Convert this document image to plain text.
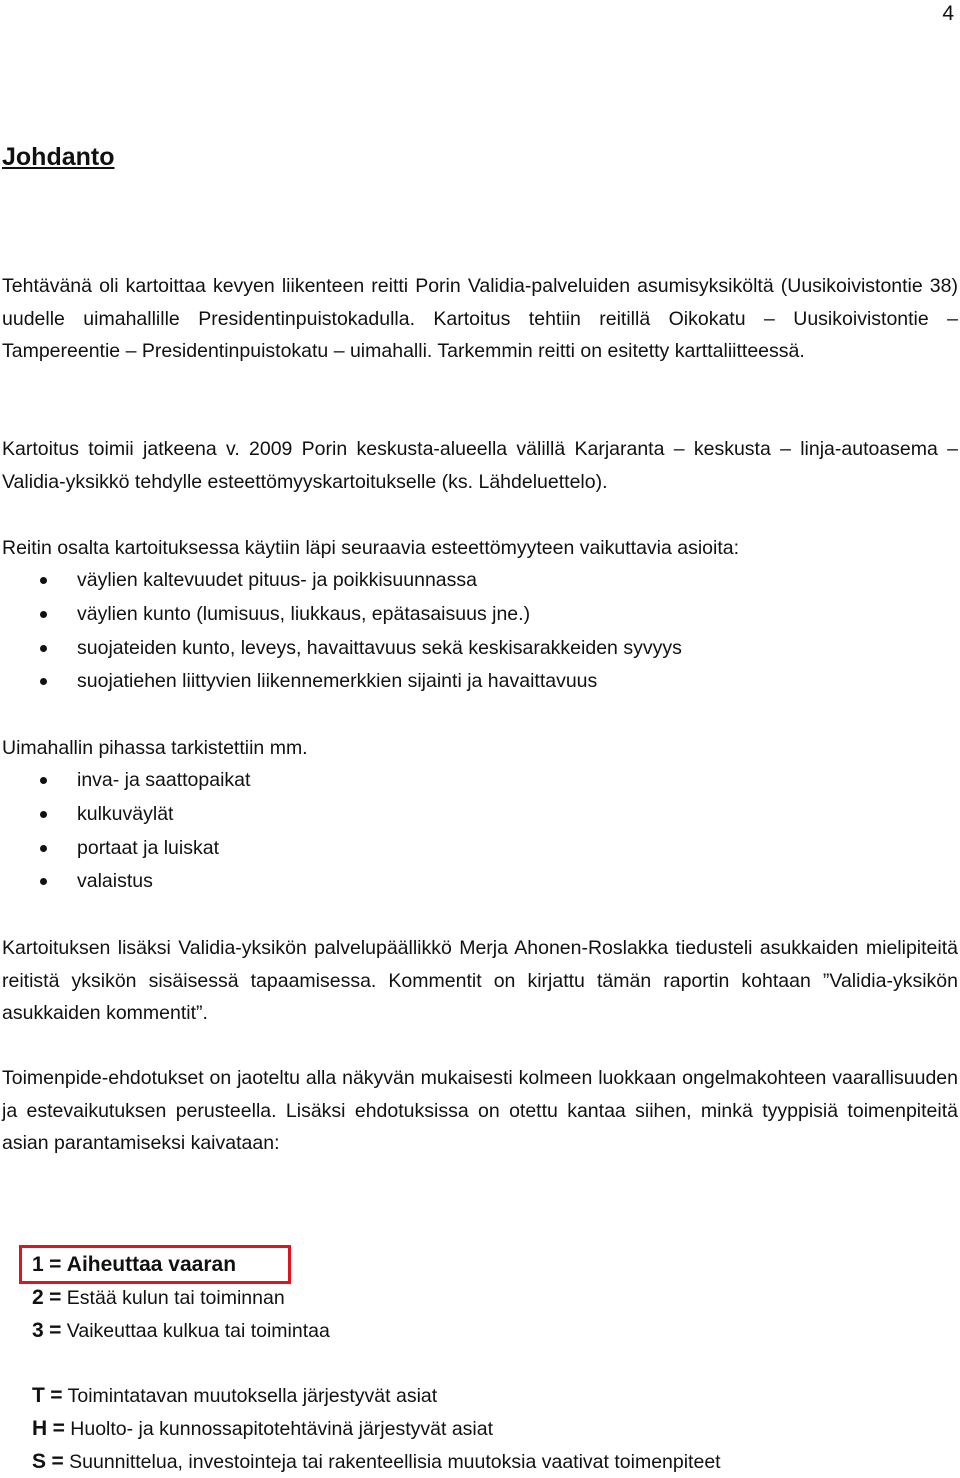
4
Johdanto

Tehtävänä oli kartoittaa kevyen liikenteen reitti Porin Validia-palveluiden asumisyksiköltä (Uusikoivistontie 38) uudelle uimahallille Presidentinpuistokadulla. Kartoitus tehtiin reitillä Oikokatu – Uusikoivistontie – Tampereentie – Presidentinpuistokatu – uimahalli. Tarkemmin reitti on esitetty karttaliitteessä.

Kartoitus toimii jatkeena v. 2009 Porin keskusta-alueella välillä Karjaranta – keskusta – linja-autoasema – Validia-yksikkö tehdylle esteettömyyskartoitukselle (ks. Lähdeluettelo).

Reitin osalta kartoituksessa käytiin läpi seuraavia esteettömyyteen vaikuttavia asioita:

väylien kaltevuudet pituus- ja poikkisuunnassa
väylien kunto (lumisuus, liukkaus, epätasaisuus jne.)
suojateiden kunto, leveys, havaittavuus sekä keskisarakkeiden syvyys
suojatiehen liittyvien liikennemerkkien sijainti ja havaittavuus

Uimahallin pihassa tarkistettiin mm.

inva- ja saattopaikat
kulkuväylät
portaat ja luiskat
valaistus

Kartoituksen lisäksi Validia-yksikön palvelupäällikkö Merja Ahonen-Roslakka tiedusteli asukkaiden mielipiteitä reitistä yksikön sisäisessä tapaamisessa. Kommentit on kirjattu tämän raportin kohtaan ”Validia-yksikön asukkaiden kommentit”.

Toimenpide-ehdotukset on jaoteltu alla näkyvän mukaisesti kolmeen luokkaan ongelmakohteen vaarallisuuden ja estevaikutuksen perusteella. Lisäksi ehdotuksissa on otettu kantaa siihen, minkä tyyppisiä toimenpiteitä asian parantamiseksi kaivataan:

1 = Aiheuttaa vaaran
2 = Estää kulun tai toiminnan
3 = Vaikeuttaa kulkua tai toimintaa
T = Toimintatavan muutoksella järjestyvät asiat
H = Huolto- ja kunnossapitotehtävinä järjestyvät asiat
S = Suunnittelua, investointeja tai rakenteellisia muutoksia vaativat toimenpiteet
